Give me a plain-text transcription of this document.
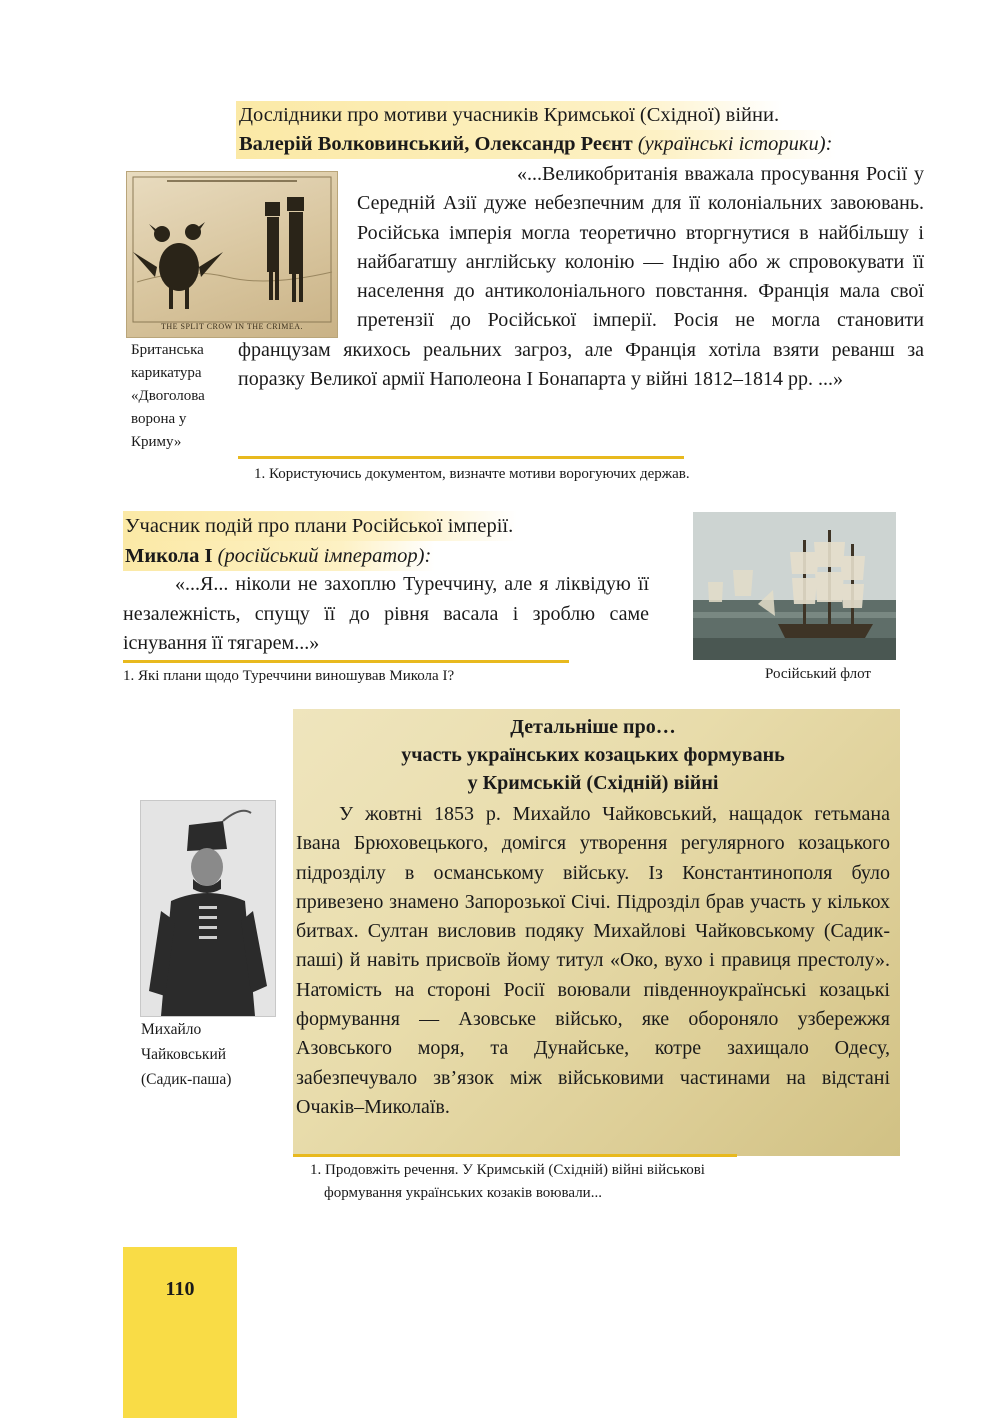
Дослідники про мотиви учасників Кримської (Східної) війни.
Валерій Волковинський, Олександр Реєнт (українські історики):
THE SPLIT CROW IN THE CRIMEA.
Британська карикатура «Двоголова ворона у Криму»

«...Великобританія вважала просування Росії у Середній Азії дуже небезпечним для її колоніальних завоювань. Російська імперія могла теоретично вторгнутися в найбільшу і найбагатшу англійську колонію — Індію або ж спровокувати її населення до антиколоніального повстання. Франція мала свої претензії до Російської імперії. Росія не могла становити французам якихось реальних загроз, але Франція хотіла взяти реванш за поразку Великої армії Наполеона І Бонапарта у війні 1812–1814 рр. ...»

1. Користуючись документом, визначте мотиви ворогуючих держав.
Учасник подій про плани Російської імперії.
Микола І (російський імператор):

«...Я... ніколи не захоплю Туреччину, але я ліквідую її незалежність, спущу її до рівня васала і зроблю саме існування її тягарем...»

1. Які плани щодо Туреччини виношував Микола І?	Російський флот
Детальніше про…
участь українських козацьких формувань
у Кримській (Східній) війні

У жовтні 1853 р. Михайло Чайковський, нащадок гетьмана Івана Брюховецького, домігся утворення регулярного козацького підрозділу в османському війську. Із Константинополя було привезено знамено Запорозької Січі. Підрозділ брав участь у кількох битвах. Султан висловив подяку Михайлові Чайковському (Садик-паші) й навіть присвоїв йому титул «Око, вухо і правиця престолу». Натомість на стороні Росії воювали південноукраїнські козацькі формування — Азовське військо, яке обороняло узбережжя Азовського моря, та Дунайське, котре захищало Одесу, забезпечувало зв’язок між військовими частинами на відстані Очаків–Миколаїв.

Михайло
Чайковський
(Садик-паша)
1. Продовжіть речення. У Кримській (Східній) війні військові
формування українських козаків воювали...
110
